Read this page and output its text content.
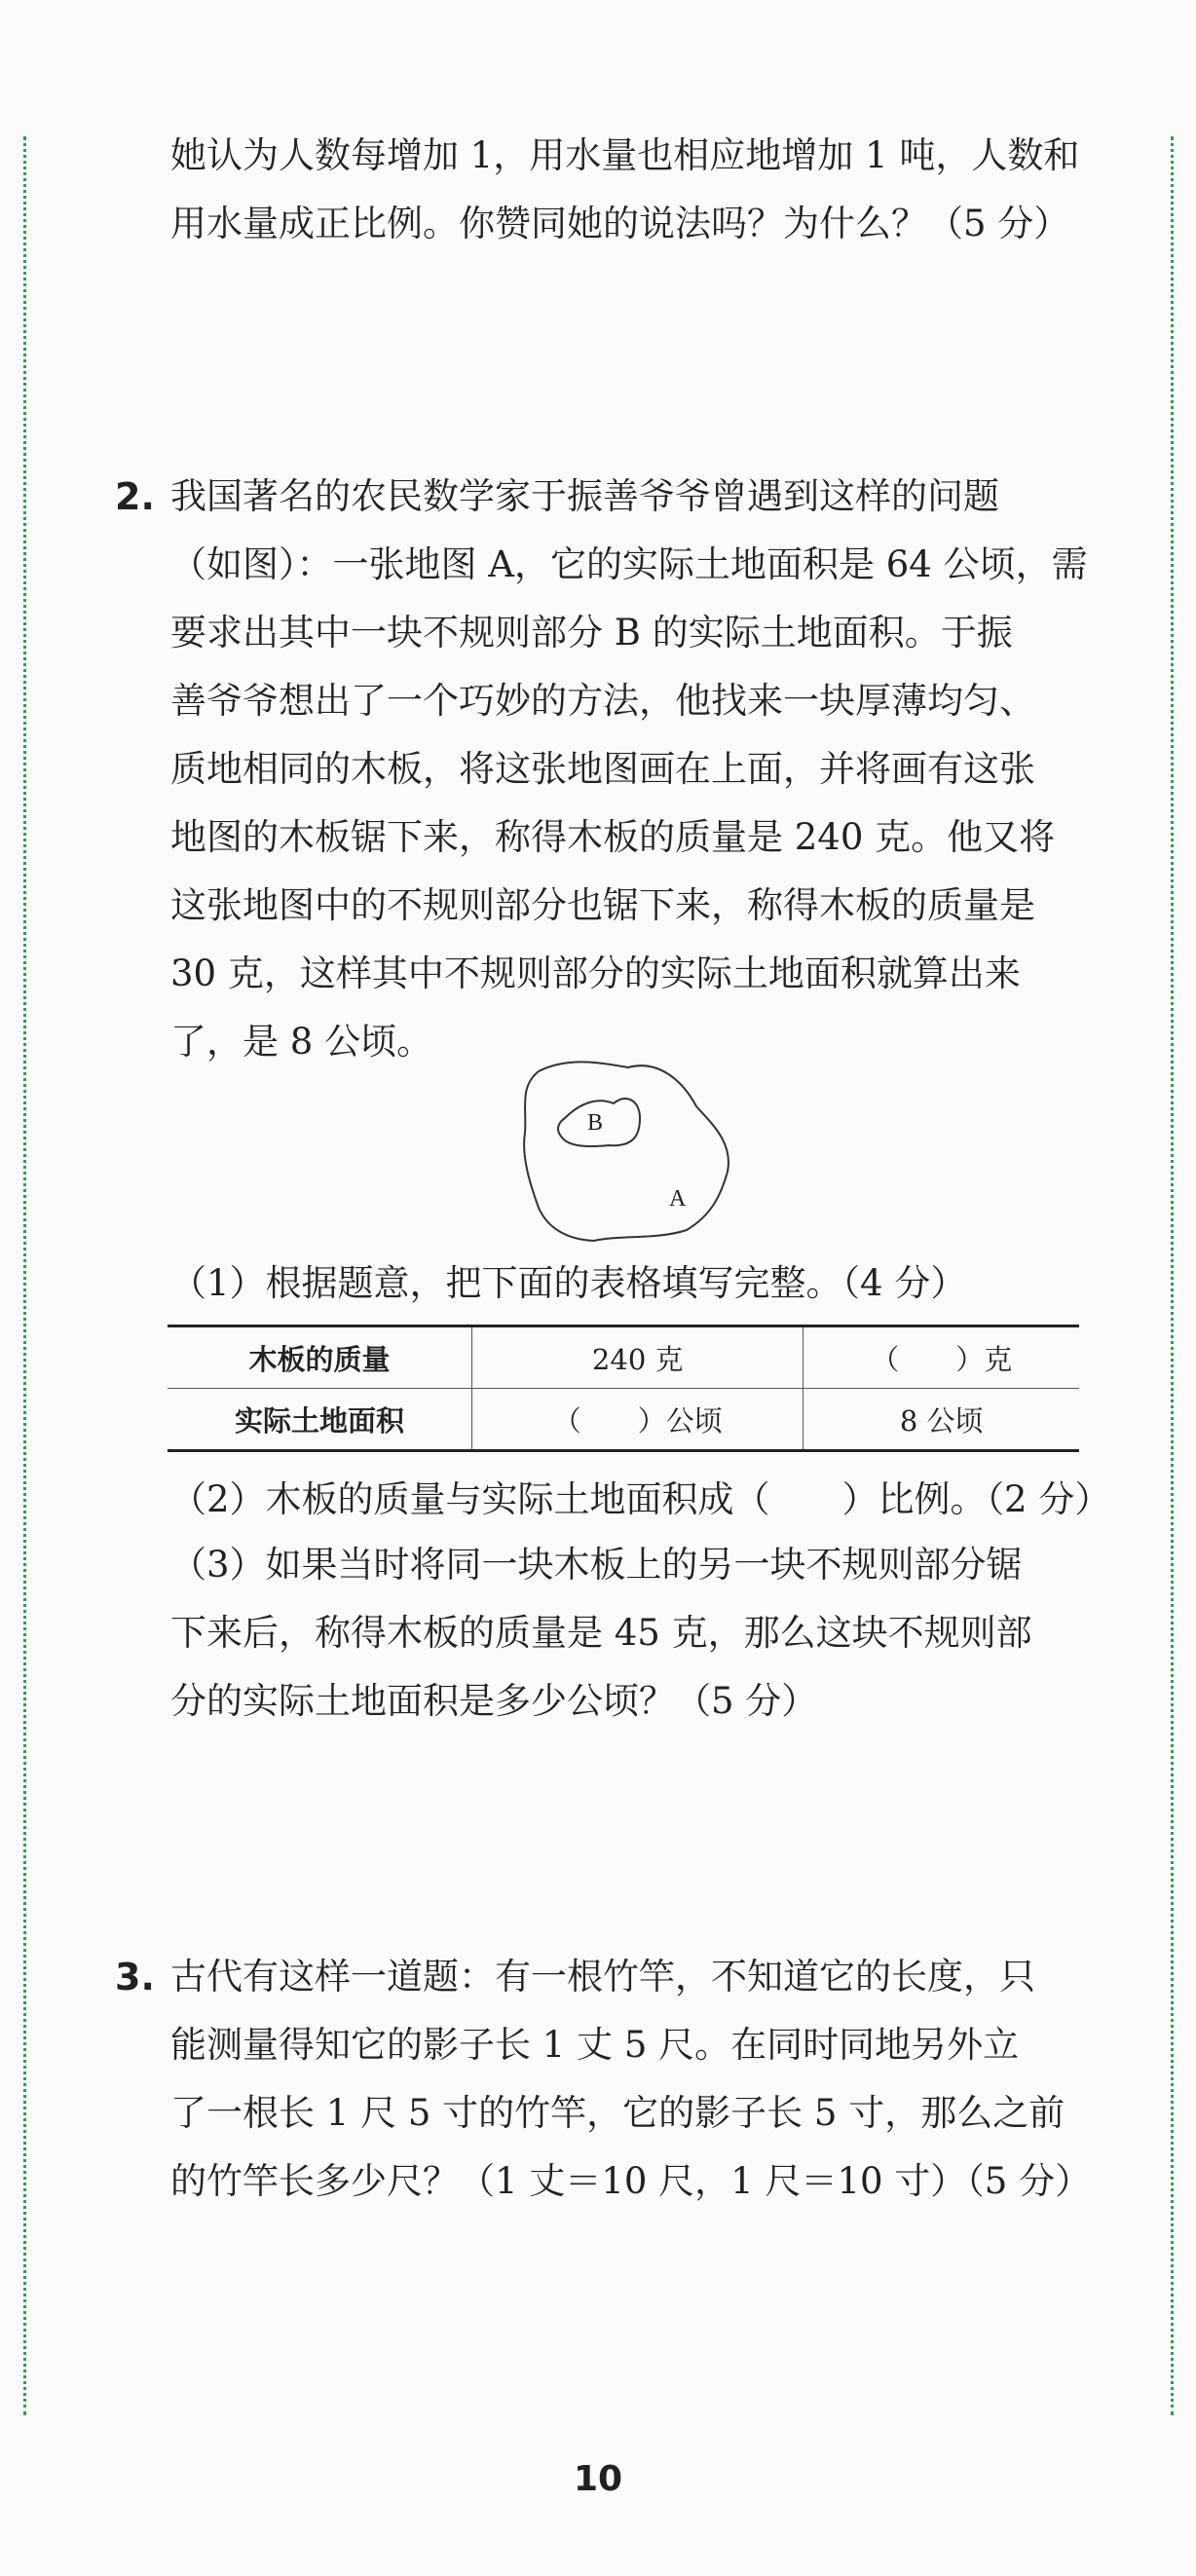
她认为人数每增加 1，用水量也相应地增加 1 吨，人数和
用水量成正比例。你赞同她的说法吗？为什么？（5 分）
2. 我国著名的农民数学家于振善爷爷曾遇到这样的问题
（如图）：一张地图 A，它的实际土地面积是 64 公顷，需
要求出其中一块不规则部分 B 的实际土地面积。于振
善爷爷想出了一个巧妙的方法，他找来一块厚薄均匀、
质地相同的木板，将这张地图画在上面，并将画有这张
地图的木板锯下来，称得木板的质量是 240 克。他又将
这张地图中的不规则部分也锯下来，称得木板的质量是
30 克，这样其中不规则部分的实际土地面积就算出来
了，是 8 公顷。
B
A
（1）根据题意，把下面的表格填写完整。（4 分）
木板的质量	240 克	（　　）克
实际土地面积	（　　）公顷	8 公顷
（2）木板的质量与实际土地面积成（　　）比例。（2 分）
（3）如果当时将同一块木板上的另一块不规则部分锯
下来后，称得木板的质量是 45 克，那么这块不规则部
分的实际土地面积是多少公顷？（5 分）
3. 古代有这样一道题：有一根竹竿，不知道它的长度，只
能测量得知它的影子长 1 丈 5 尺。在同时同地另外立
了一根长 1 尺 5 寸的竹竿，它的影子长 5 寸，那么之前
的竹竿长多少尺？（1 丈＝10 尺，1 尺＝10 寸）（5 分）
10
